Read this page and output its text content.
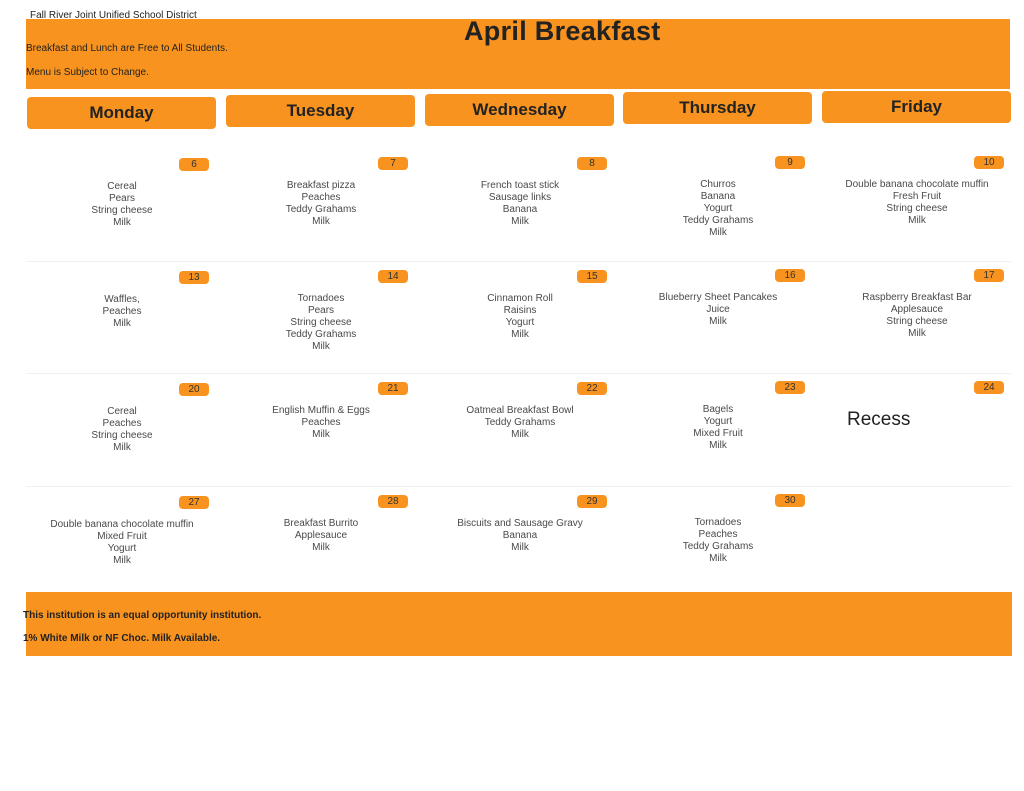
Fall River Joint Unified School District
Breakfast and Lunch are Free to All Students.
Menu is Subject to Change.
April Breakfast
Monday	Tuesday	Wednesday	Thursday	Friday
6
Cereal
Pears
String cheese
Milk
7
Breakfast pizza
Peaches
Teddy Grahams
Milk
8
French toast stick
Sausage links
Banana
Milk
9
Churros
Banana
Yogurt
Teddy Grahams
Milk
10
Double banana chocolate muffin
Fresh Fruit
String cheese
Milk
13
Waffles,
Peaches
Milk
14
Tornadoes
Pears
String cheese
Teddy Grahams
Milk
15
Cinnamon Roll
Raisins
Yogurt
Milk
16
Blueberry Sheet Pancakes
Juice
Milk
17
Raspberry Breakfast Bar
Applesauce
String cheese
Milk
20
Cereal
Peaches
String cheese
Milk
21
English Muffin & Eggs
Peaches
Milk
22
Oatmeal Breakfast Bowl
Teddy Grahams
Milk
23
Bagels
Yogurt
Mixed Fruit
Milk
24
Recess
27
Double banana chocolate muffin
Mixed Fruit
Yogurt
Milk
28
Breakfast Burrito
Applesauce
Milk
29
Biscuits and Sausage Gravy
Banana
Milk
30
Tornadoes
Peaches
Teddy Grahams
Milk
This institution is an equal opportunity institution.
1% White Milk or NF Choc. Milk Available.
